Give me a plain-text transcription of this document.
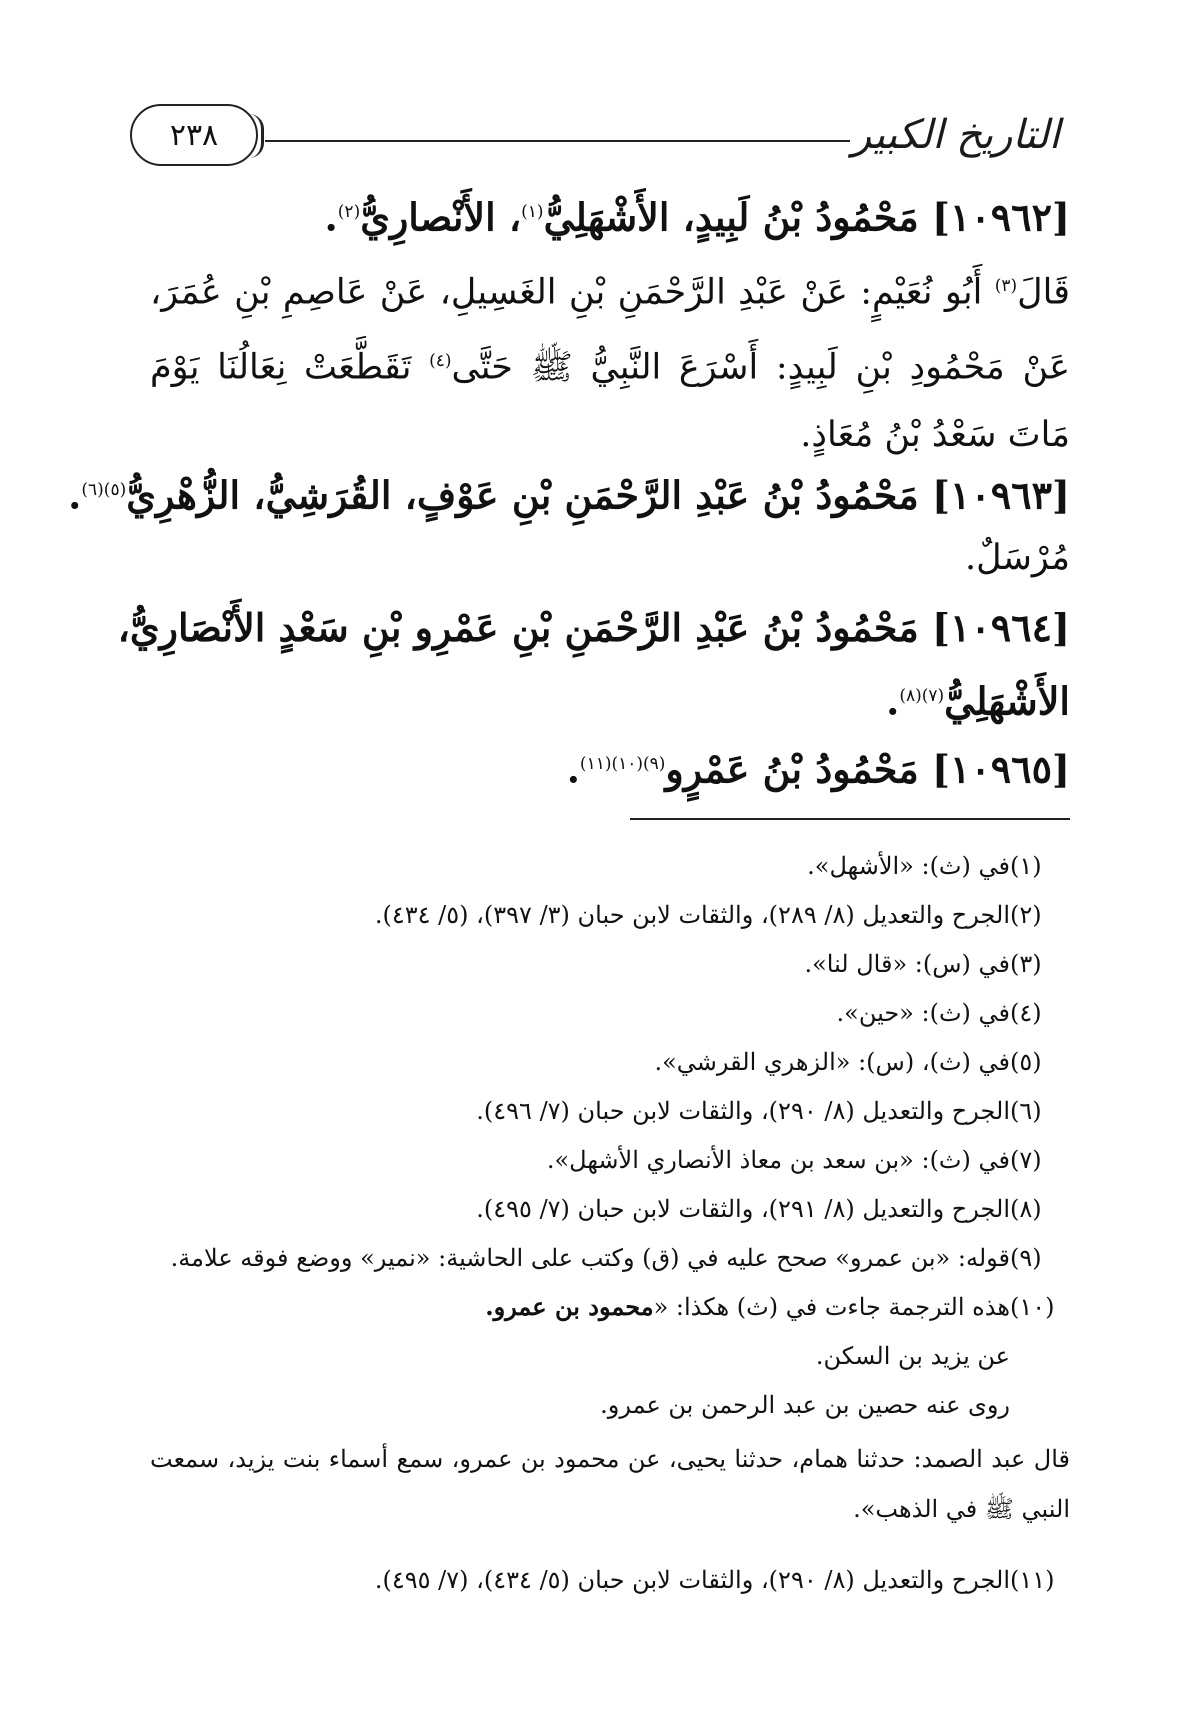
التاريخ الكبير
٢٣٨
[١٠٩٦٢] مَحْمُودُ بْنُ لَبِيدٍ، الأَشْهَلِيُّ$^{(١)}$، الأَنْصارِيُّ$^{(٢)}$.
قَالَ$^{(٣)}$ أَبُو نُعَيْمٍ: عَنْ عَبْدِ الرَّحْمَنِ بْنِ الغَسِيلِ، عَنْ عَاصِمِ بْنِ عُمَرَ، عَنْ مَحْمُودِ بْنِ لَبِيدٍ: أَسْرَعَ النَّبِيُّ ﷺ حَتَّى$^{(٤)}$ تَقَطَّعَتْ نِعَالُنَا يَوْمَ مَاتَ سَعْدُ بْنُ مُعَاذٍ.
[١٠٩٦٣] مَحْمُودُ بْنُ عَبْدِ الرَّحْمَنِ بْنِ عَوْفٍ، القُرَشِيُّ، الزُّهْرِيُّ$^{(٥)(٦)}$.
مُرْسَلٌ.
[١٠٩٦٤] مَحْمُودُ بْنُ عَبْدِ الرَّحْمَنِ بْنِ عَمْرِو بْنِ سَعْدٍ الأَنْصَارِيُّ،
الأَشْهَلِيُّ$^{(٧)(٨)}$.
[١٠٩٦٥] مَحْمُودُ بْنُ عَمْرٍو$^{(٩)(١٠)(١١)}$.
(١)في (ث): «الأشهل».
(٢)الجرح والتعديل (٨/ ٢٨٩)، والثقات لابن حبان (٣/ ٣٩٧)، (٥/ ٤٣٤).
(٣)في (س): «قال لنا».
(٤)في (ث): «حين».
(٥)في (ث)، (س): «الزهري القرشي».
(٦)الجرح والتعديل (٨/ ٢٩٠)، والثقات لابن حبان (٧/ ٤٩٦).
(٧)في (ث): «بن سعد بن معاذ الأنصاري الأشهل».
(٨)الجرح والتعديل (٨/ ٢٩١)، والثقات لابن حبان (٧/ ٤٩٥).
(٩)قوله: «بن عمرو» صحح عليه في (ق) وكتب على الحاشية: «نمير» ووضع فوقه علامة.
(١٠)هذه الترجمة جاءت في (ث) هكذا: «محمود بن عمرو.
عن يزيد بن السكن.
روى عنه حصين بن عبد الرحمن بن عمرو.
قال عبد الصمد: حدثنا همام، حدثنا يحيى، عن محمود بن عمرو، سمع أسماء بنت يزيد، سمعت النبي ﷺ في الذهب».
(١١)الجرح والتعديل (٨/ ٢٩٠)، والثقات لابن حبان (٥/ ٤٣٤)، (٧/ ٤٩٥).
